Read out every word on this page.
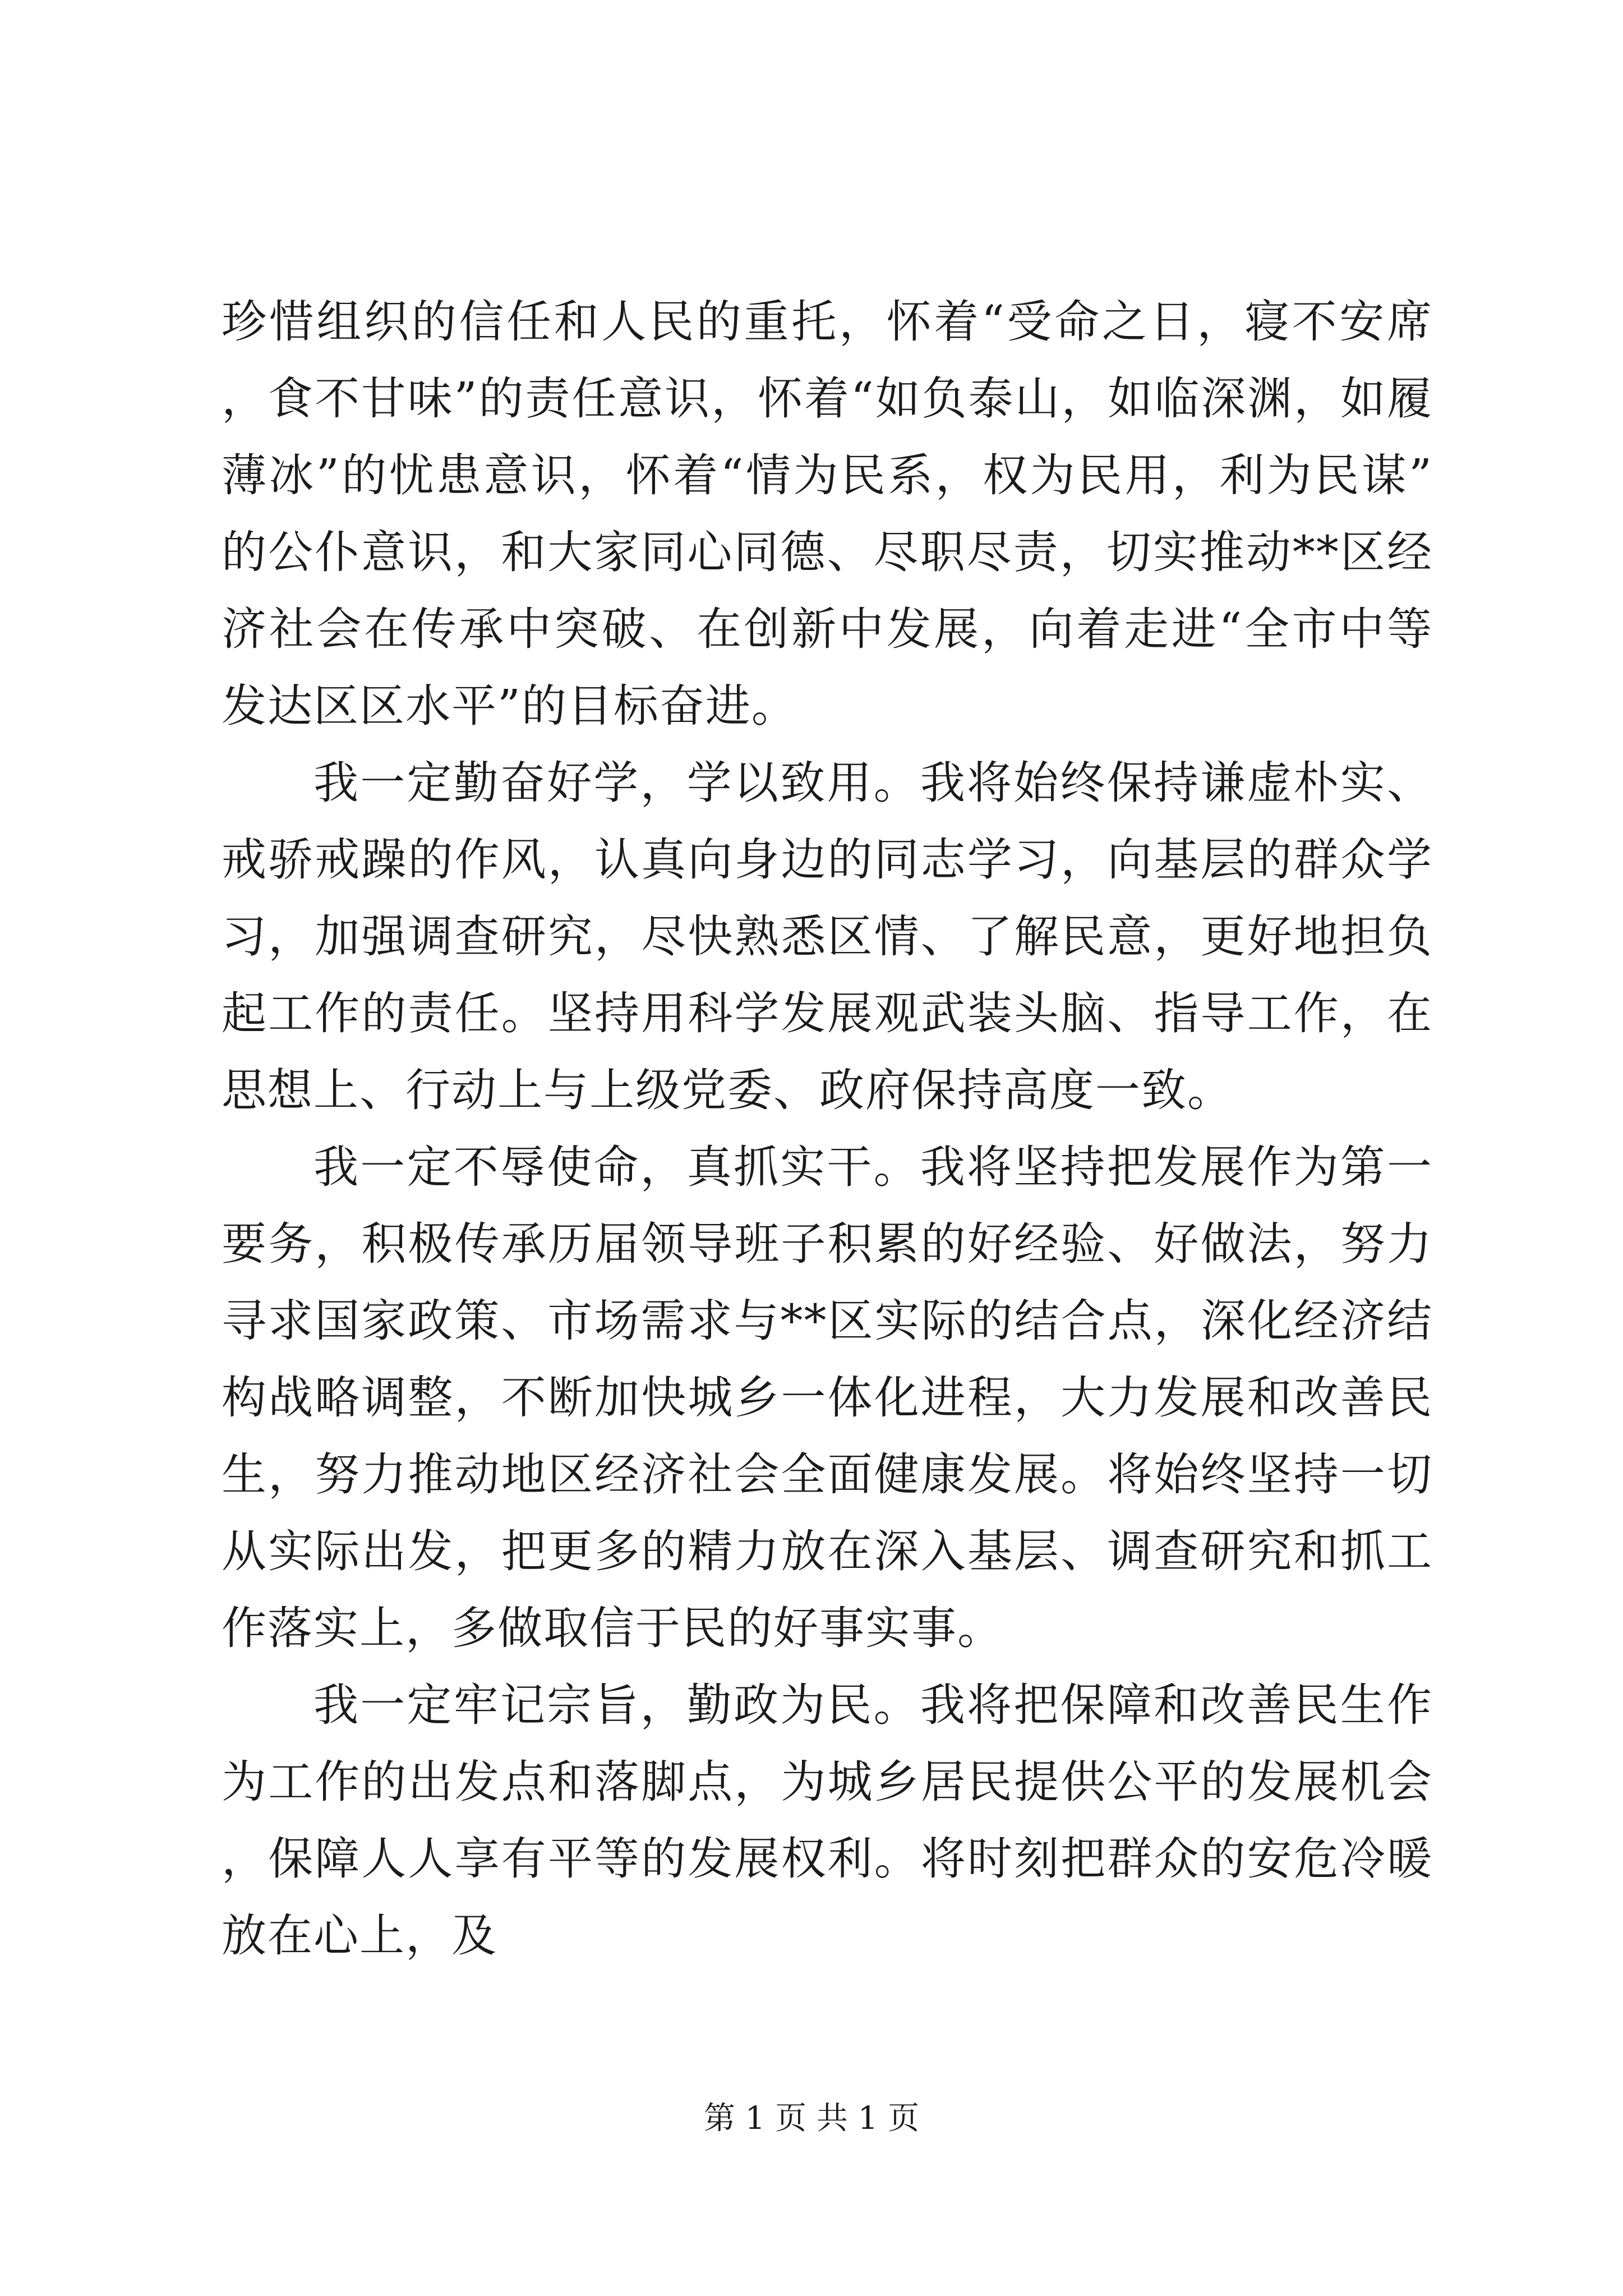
珍惜组织的信任和人民的重托，怀着“受命之日，寝不安席，食不甘味”的责任意识，怀着“如负泰山，如临深渊，如履薄冰”的忧患意识，怀着“情为民系，权为民用，利为民谋”的公仆意识，和大家同心同德、尽职尽责，切实推动**区经济社会在传承中突破、在创新中发展，向着走进“全市中等发达区区水平”的目标奋进。

我一定勤奋好学，学以致用。我将始终保持谦虚朴实、戒骄戒躁的作风，认真向身边的同志学习，向基层的群众学习，加强调查研究，尽快熟悉区情、了解民意，更好地担负起工作的责任。坚持用科学发展观武装头脑、指导工作，在思想上、行动上与上级党委、政府保持高度一致。

我一定不辱使命，真抓实干。我将坚持把发展作为第一要务，积极传承历届领导班子积累的好经验、好做法，努力寻求国家政策、市场需求与**区实际的结合点，深化经济结构战略调整，不断加快城乡一体化进程，大力发展和改善民生，努力推动地区经济社会全面健康发展。将始终坚持一切从实际出发，把更多的精力放在深入基层、调查研究和抓工作落实上，多做取信于民的好事实事。

我一定牢记宗旨，勤政为民。我将把保障和改善民生作为工作的出发点和落脚点，为城乡居民提供公平的发展机会，保障人人享有平等的发展权利。将时刻把群众的安危冷暖放在心上，及

第 1 页 共 1 页
